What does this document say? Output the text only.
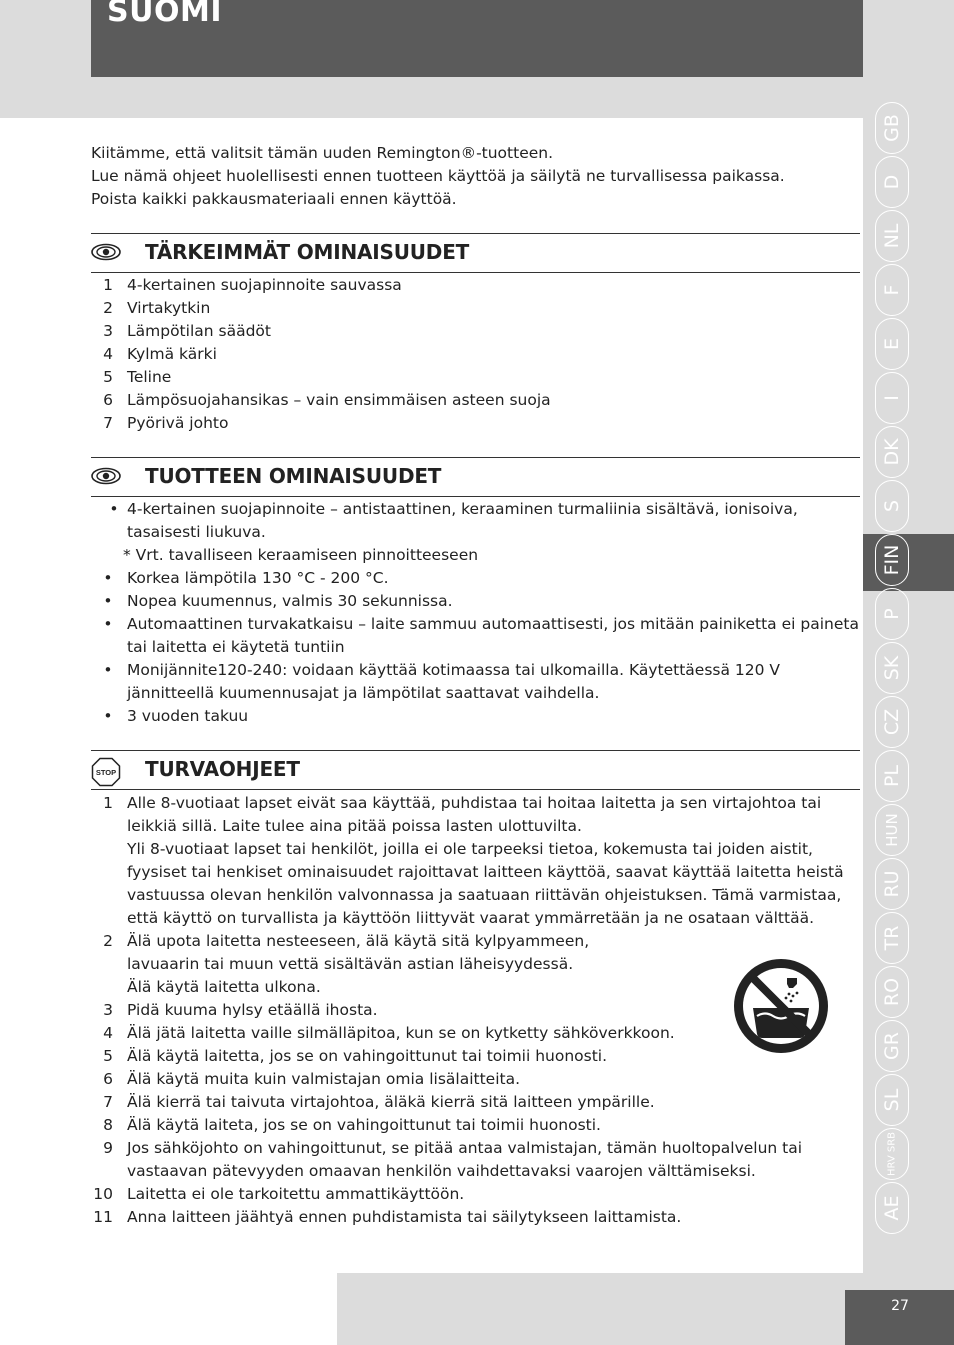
SUOMI
GB
D
NL
F
E
I
DK
S
FIN
P
SK
CZ
PL
HUN
RU
TR
RO
GR
SL
HRV SRB
AE
27

Kiitämme, että valitsit tämän uuden Remington®-tuotteen.

Lue nämä ohjeet huolellisesti ennen tuotteen käyttöä ja säilytä ne turvallisessa paikassa.

Poista kaikki pakkausmateriaali ennen käyttöä.

TÄRKEIMMÄT OMINAISUUDET
1 4-kertainen suojapinnoite sauvassa
2 Virtakytkin
3 Lämpötilan säädöt
4 Kylmä kärki
5 Teline
6 Lämpösuojahansikas – vain ensimmäisen asteen suoja
7 Pyörivä johto
TUOTTEEN OMINAISUUDET
• 4-kertainen suojapinnoite – antistaattinen, keraaminen turmaliinia sisältävä, ionisoiva, tasaisesti liukuva.
* Vrt. tavalliseen keraamiseen pinnoitteeseen
• Korkea lämpötila 130 °C - 200 °C.
• Nopea kuumennus, valmis 30 sekunnissa.
• Automaattinen turvakatkaisu – laite sammuu automaattisesti, jos mitään painiketta ei paineta tai laitetta ei käytetä tuntiin
• Monijännite120-240: voidaan käyttää kotimaassa tai ulkomailla. Käytettäessä 120 V jännitteellä kuumennusajat ja lämpötilat saattavat vaihdella.
• 3 vuoden takuu
STOP TURVAOHJEET
1 Alle 8-vuotiaat lapset eivät saa käyttää, puhdistaa tai hoitaa laitetta ja sen virtajohtoa tai leikkiä sillä. Laite tulee aina pitää poissa lasten ulottuvilta.
Yli 8-vuotiaat lapset tai henkilöt, joilla ei ole tarpeeksi tietoa, kokemusta tai joiden aistit, fyysiset tai henkiset ominaisuudet rajoittavat laitteen käyttöä, saavat käyttää laitetta heistä vastuussa olevan henkilön valvonnassa ja saatuaan riittävän ohjeistuksen. Tämä varmistaa, että käyttö on turvallista ja käyttöön liittyvät vaarat ymmärretään ja ne osataan välttää.
2 Älä upota laitetta nesteeseen, älä käytä sitä kylpyammeen, lavuaarin tai muun vettä sisältävän astian läheisyydessä. Älä käytä laitetta ulkona.
3 Pidä kuuma hylsy etäällä ihosta.
4 Älä jätä laitetta vaille silmälläpitoa, kun se on kytketty sähköverkkoon.
5 Älä käytä laitetta, jos se on vahingoittunut tai toimii huonosti.
6 Älä käytä muita kuin valmistajan omia lisälaitteita.
7 Älä kierrä tai taivuta virtajohtoa, äläkä kierrä sitä laitteen ympärille.
8 Älä käytä laiteta, jos se on vahingoittunut tai toimii huonosti.
9 Jos sähköjohto on vahingoittunut, se pitää antaa valmistajan, tämän huoltopalvelun tai vastaavan pätevyyden omaavan henkilön vaihdettavaksi vaarojen välttämiseksi.
10 Laitetta ei ole tarkoitettu ammattikäyttöön.
11 Anna laitteen jäähtyä ennen puhdistamista tai säilytykseen laittamista.
